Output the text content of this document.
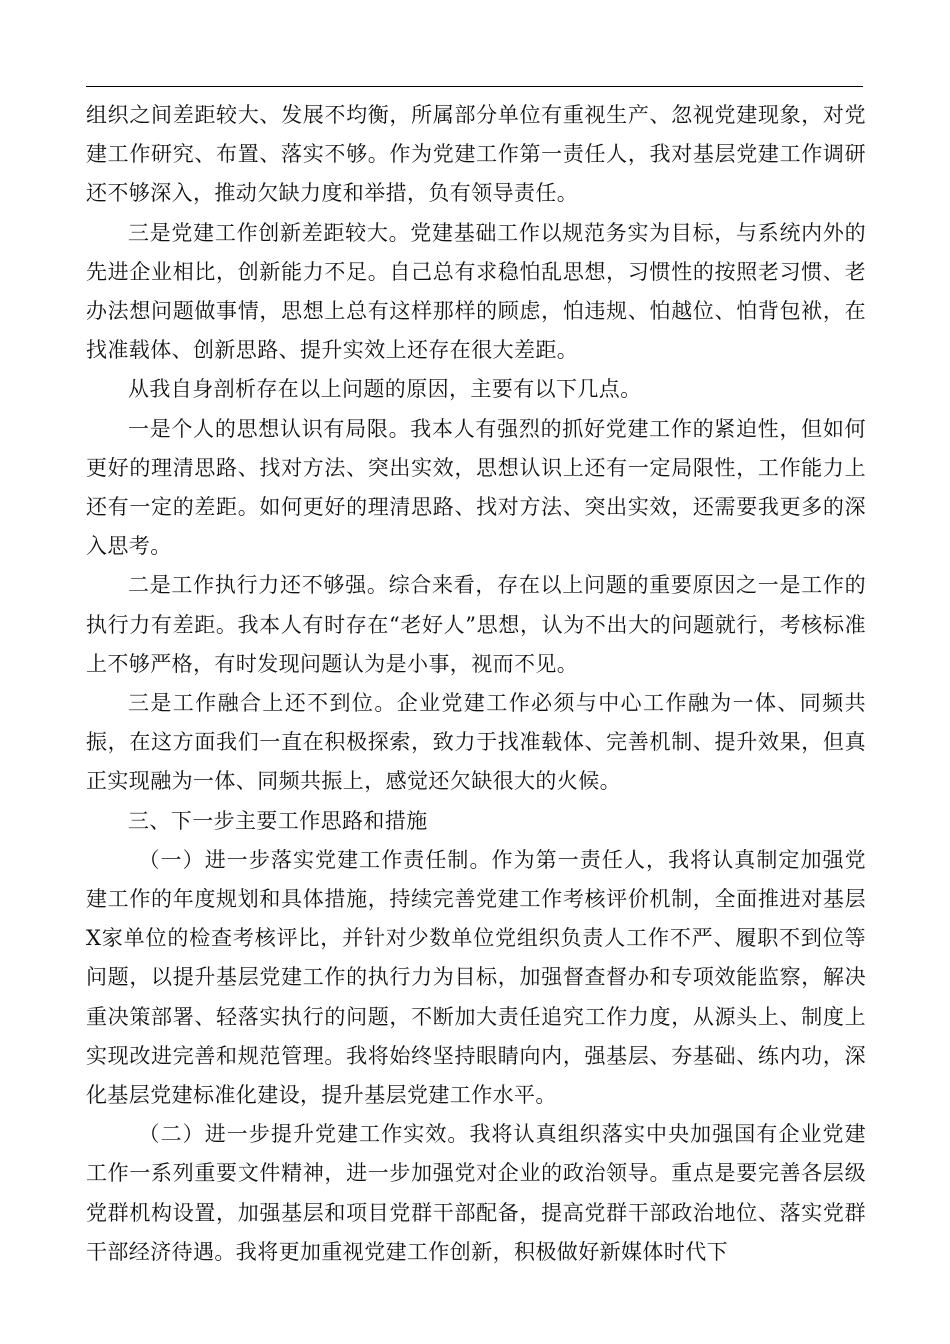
组织之间差距较大、发展不均衡，所属部分单位有重视生产、忽视党建现象，对党建工作研究、布置、落实不够。作为党建工作第一责任人，我对基层党建工作调研还不够深入，推动欠缺力度和举措，负有领导责任。

三是党建工作创新差距较大。党建基础工作以规范务实为目标，与系统内外的先进企业相比，创新能力不足。自己总有求稳怕乱思想，习惯性的按照老习惯、老办法想问题做事情，思想上总有这样那样的顾虑，怕违规、怕越位、怕背包袱，在找准载体、创新思路、提升实效上还存在很大差距。

从我自身剖析存在以上问题的原因，主要有以下几点。

一是个人的思想认识有局限。我本人有强烈的抓好党建工作的紧迫性，但如何更好的理清思路、找对方法、突出实效，思想认识上还有一定局限性，工作能力上还有一定的差距。如何更好的理清思路、找对方法、突出实效，还需要我更多的深入思考。

二是工作执行力还不够强。综合来看，存在以上问题的重要原因之一是工作的执行力有差距。我本人有时存在“老好人”思想，认为不出大的问题就行，考核标准上不够严格，有时发现问题认为是小事，视而不见。

三是工作融合上还不到位。企业党建工作必须与中心工作融为一体、同频共振，在这方面我们一直在积极探索，致力于找准载体、完善机制、提升效果，但真正实现融为一体、同频共振上，感觉还欠缺很大的火候。

三、下一步主要工作思路和措施

（一）进一步落实党建工作责任制。作为第一责任人，我将认真制定加强党建工作的年度规划和具体措施，持续完善党建工作考核评价机制，全面推进对基层X家单位的检查考核评比，并针对少数单位党组织负责人工作不严、履职不到位等问题，以提升基层党建工作的执行力为目标，加强督查督办和专项效能监察，解决重决策部署、轻落实执行的问题，不断加大责任追究工作力度，从源头上、制度上实现改进完善和规范管理。我将始终坚持眼睛向内，强基层、夯基础、练内功，深化基层党建标准化建设，提升基层党建工作水平。

（二）进一步提升党建工作实效。我将认真组织落实中央加强国有企业党建工作一系列重要文件精神，进一步加强党对企业的政治领导。重点是要完善各层级党群机构设置，加强基层和项目党群干部配备，提高党群干部政治地位、落实党群干部经济待遇。我将更加重视党建工作创新，积极做好新媒体时代下
